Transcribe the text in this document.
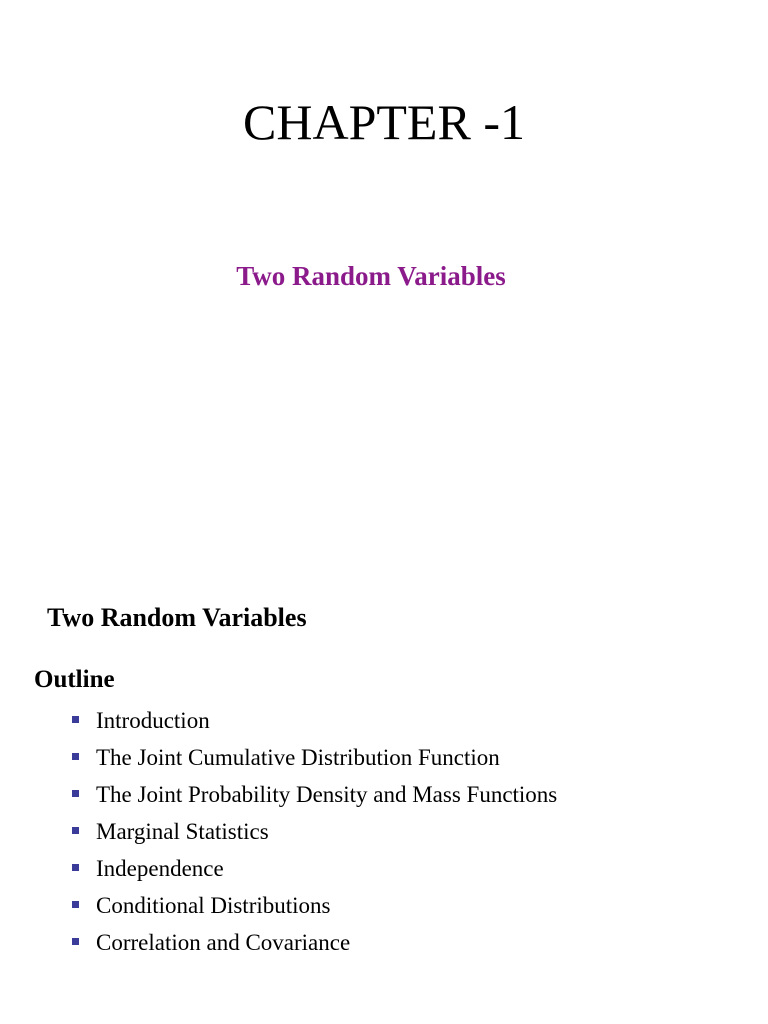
CHAPTER -1
Two Random Variables
Two Random Variables
Outline
Introduction
The Joint Cumulative Distribution Function
The Joint Probability Density and Mass Functions
Marginal Statistics
Independence
Conditional Distributions
Correlation and Covariance
